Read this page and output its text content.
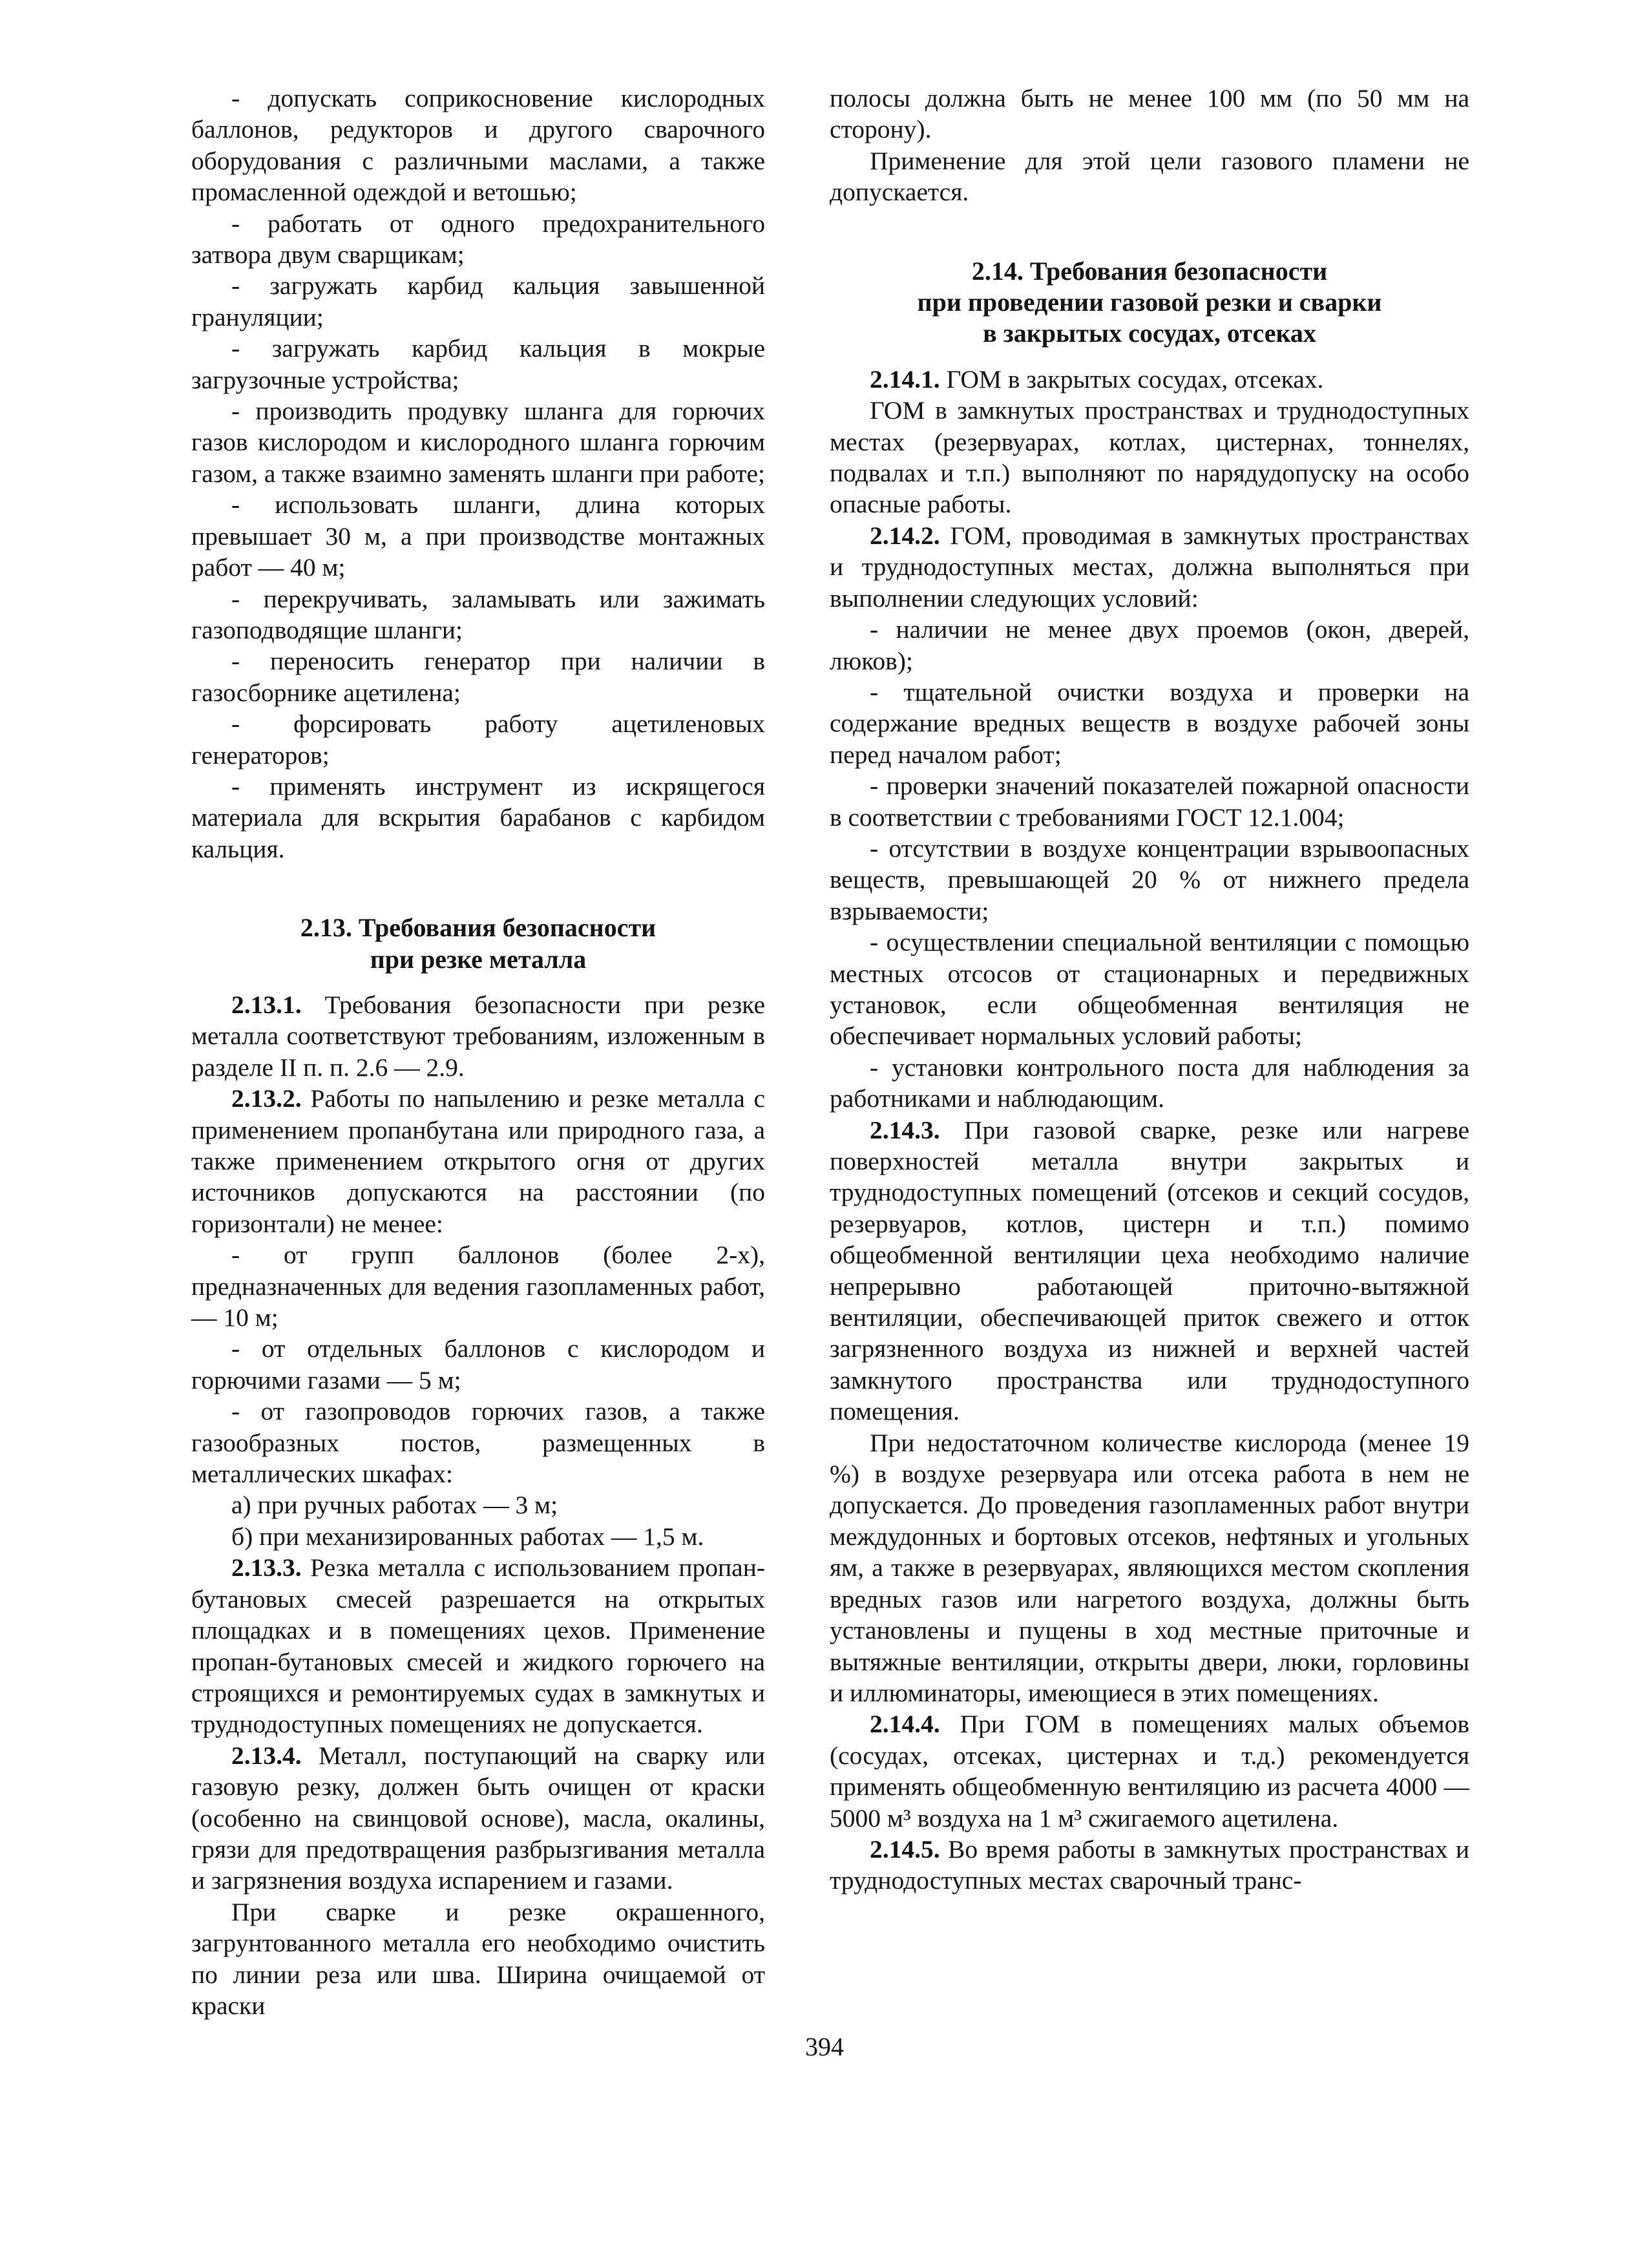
- допускать соприкосновение кислородных баллонов, редукторов и другого сварочного оборудования с различными маслами, а также промасленной одеждой и ветошью;

- работать от одного предохранительного затвора двум сварщикам;

- загружать карбид кальция завышенной грануляции;

- загружать карбид кальция в мокрые загрузочные устройства;

- производить продувку шланга для горючих газов кислородом и кислородного шланга горючим газом, а также взаимно заменять шланги при работе;

- использовать шланги, длина которых превышает 30 м, а при производстве монтажных работ — 40 м;

- перекручивать, заламывать или зажимать газоподводящие шланги;

- переносить генератор при наличии в газосборнике ацетилена;

- форсировать работу ацетиленовых генераторов;

- применять инструмент из искрящегося материала для вскрытия барабанов с карбидом кальция.

2.13. Требования безопасности
при резке металла

2.13.1. Требования безопасности при резке металла соответствуют требованиям, изложенным в разделе II п. п. 2.6 — 2.9.

2.13.2. Работы по напылению и резке металла с применением пропанбутана или природного газа, а также применением открытого огня от других источников допускаются на расстоянии (по горизонтали) не менее:

- от групп баллонов (более 2-х), предназначенных для ведения газопламенных работ, — 10 м;

- от отдельных баллонов с кислородом и горючими газами — 5 м;

- от газопроводов горючих газов, а также газообразных постов, размещенных в металлических шкафах:

а) при ручных работах — 3 м;

б) при механизированных работах — 1,5 м.

2.13.3. Резка металла с использованием пропан-бутановых смесей разрешается на открытых площадках и в помещениях цехов. Применение пропан-бутановых смесей и жидкого горючего на строящихся и ремонтируемых судах в замкнутых и труднодоступных помещениях не допускается.

2.13.4. Металл, поступающий на сварку или газовую резку, должен быть очищен от краски (особенно на свинцовой основе), масла, окалины, грязи для предотвращения разбрызгивания металла и загрязнения воздуха испарением и газами.

При сварке и резке окрашенного, загрунтованного металла его необходимо очистить по линии реза или шва. Ширина очищаемой от краски

полосы должна быть не менее 100 мм (по 50 мм на сторону).

Применение для этой цели газового пламени не допускается.

2.14. Требования безопасности
при проведении газовой резки и сварки
в закрытых сосудах, отсеках

2.14.1. ГОМ в закрытых сосудах, отсеках.

ГОМ в замкнутых пространствах и труднодоступных местах (резервуарах, котлах, цистернах, тоннелях, подвалах и т.п.) выполняют по нарядудопуску на особо опасные работы.

2.14.2. ГОМ, проводимая в замкнутых пространствах и труднодоступных местах, должна выполняться при выполнении следующих условий:

- наличии не менее двух проемов (окон, дверей, люков);

- тщательной очистки воздуха и проверки на содержание вредных веществ в воздухе рабочей зоны перед началом работ;

- проверки значений показателей пожарной опасности в соответствии с требованиями ГОСТ 12.1.004;

- отсутствии в воздухе концентрации взрывоопасных веществ, превышающей 20 % от нижнего предела взрываемости;

- осуществлении специальной вентиляции с помощью местных отсосов от стационарных и передвижных установок, если общеобменная вентиляция не обеспечивает нормальных условий работы;

- установки контрольного поста для наблюдения за работниками и наблюдающим.

2.14.3. При газовой сварке, резке или нагреве поверхностей металла внутри закрытых и труднодоступных помещений (отсеков и секций сосудов, резервуаров, котлов, цистерн и т.п.) помимо общеобменной вентиляции цеха необходимо наличие непрерывно работающей приточно-вытяжной вентиляции, обеспечивающей приток свежего и отток загрязненного воздуха из нижней и верхней частей замкнутого пространства или труднодоступного помещения.

При недостаточном количестве кислорода (менее 19 %) в воздухе резервуара или отсека работа в нем не допускается. До проведения газопламенных работ внутри междудонных и бортовых отсеков, нефтяных и угольных ям, а также в резервуарах, являющихся местом скопления вредных газов или нагретого воздуха, должны быть установлены и пущены в ход местные приточные и вытяжные вентиляции, открыты двери, люки, горловины и иллюминаторы, имеющиеся в этих помещениях.

2.14.4. При ГОМ в помещениях малых объемов (сосудах, отсеках, цистернах и т.д.) рекомендуется применять общеобменную вентиляцию из расчета 4000 — 5000 м³ воздуха на 1 м³ сжигаемого ацетилена.

2.14.5. Во время работы в замкнутых пространствах и труднодоступных местах сварочный транс-

394
